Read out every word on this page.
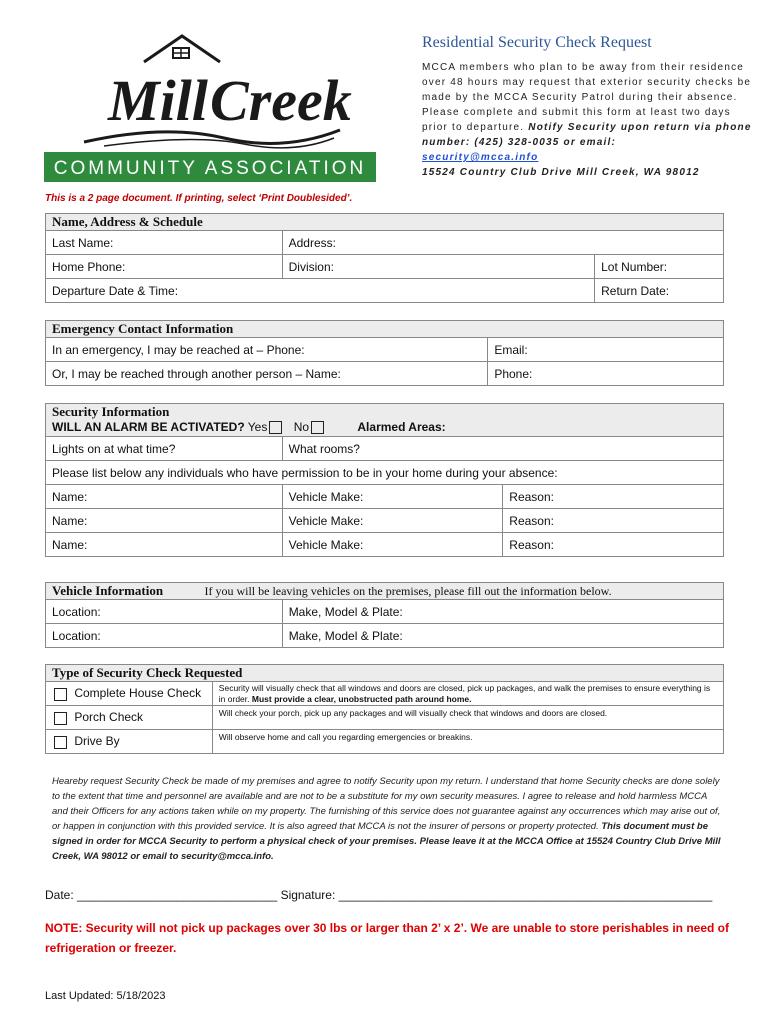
Mill Creek
COMMUNITY ASSOCIATION
Residential Security Check Request
MCCA members who plan to be away from their residence over 48 hours may request that exterior security checks be made by the MCCA Security Patrol during their absence. Please complete and submit this form at least two days prior to departure. Notify Security upon return via phone number: (425) 328-0035 or email:
security@mcca.info
15524 Country Club Drive Mill Creek, WA 98012
This is a 2 page document. If printing, select ‘Print Doublesided’.
Name, Address & Schedule		

Last Name:	Address:	
Home Phone:	Division:	Lot Number:
Departure Date & Time:		Return Date:

Emergency Contact Information	

In an emergency, I may be reached at – Phone:	Email:
Or, I may be reached through another person – Name:	Phone:
Security Information
WILL AN ALARM BE ACTIVATED? Yes No Alarmed Areas:		

Lights on at what time?	What rooms?	
Please list below any individuals who have permission to be in your home during your absence:		
Name:	Vehicle Make:	Reason:
Name:	Vehicle Make:	Reason:
Name:	Vehicle Make:	Reason:
Vehicle Information If you will be leaving vehicles on the premises, please fill out the information below.	
Location:	Make, Model & Plate:
Location:	Make, Model & Plate:
Type of Security Check Requested	

Complete House Check	Security will visually check that all windows and doors are closed, pick up packages, and walk the premises to ensure everything is in order. Must provide a clear, unobstructed path around home.
Porch Check	Will check your porch, pick up any packages and will visually check that windows and doors are closed.
Drive By	Will observe home and call you regarding emergencies or breakins.
Heareby request Security Check be made of my premises and agree to notify Security upon my return. I understand that home Security checks are done solely to the extent that time and personnel are available and are not to be a substitute for my own security measures. I agree to release and hold harmless MCCA and their Officers for any actions taken while on my property. The furnishing of this service does not guarantee against any occurrences which may arise out of, or happen in conjunction with this provided service. It is also agreed that MCCA is not the insurer of persons or property protected. This document must be signed in order for MCCA Security to perform a physical check of your premises. Please leave it at the MCCA Office at 15524 Country Club Drive Mill Creek, WA 98012 or email to security@mcca.info.
Date: ______________________________ Signature: ________________________________________________________
NOTE: Security will not pick up packages over 30 lbs or larger than 2’ x 2’. We are unable to store perishables in need of refrigeration or freezer.
Last Updated: 5/18/2023
